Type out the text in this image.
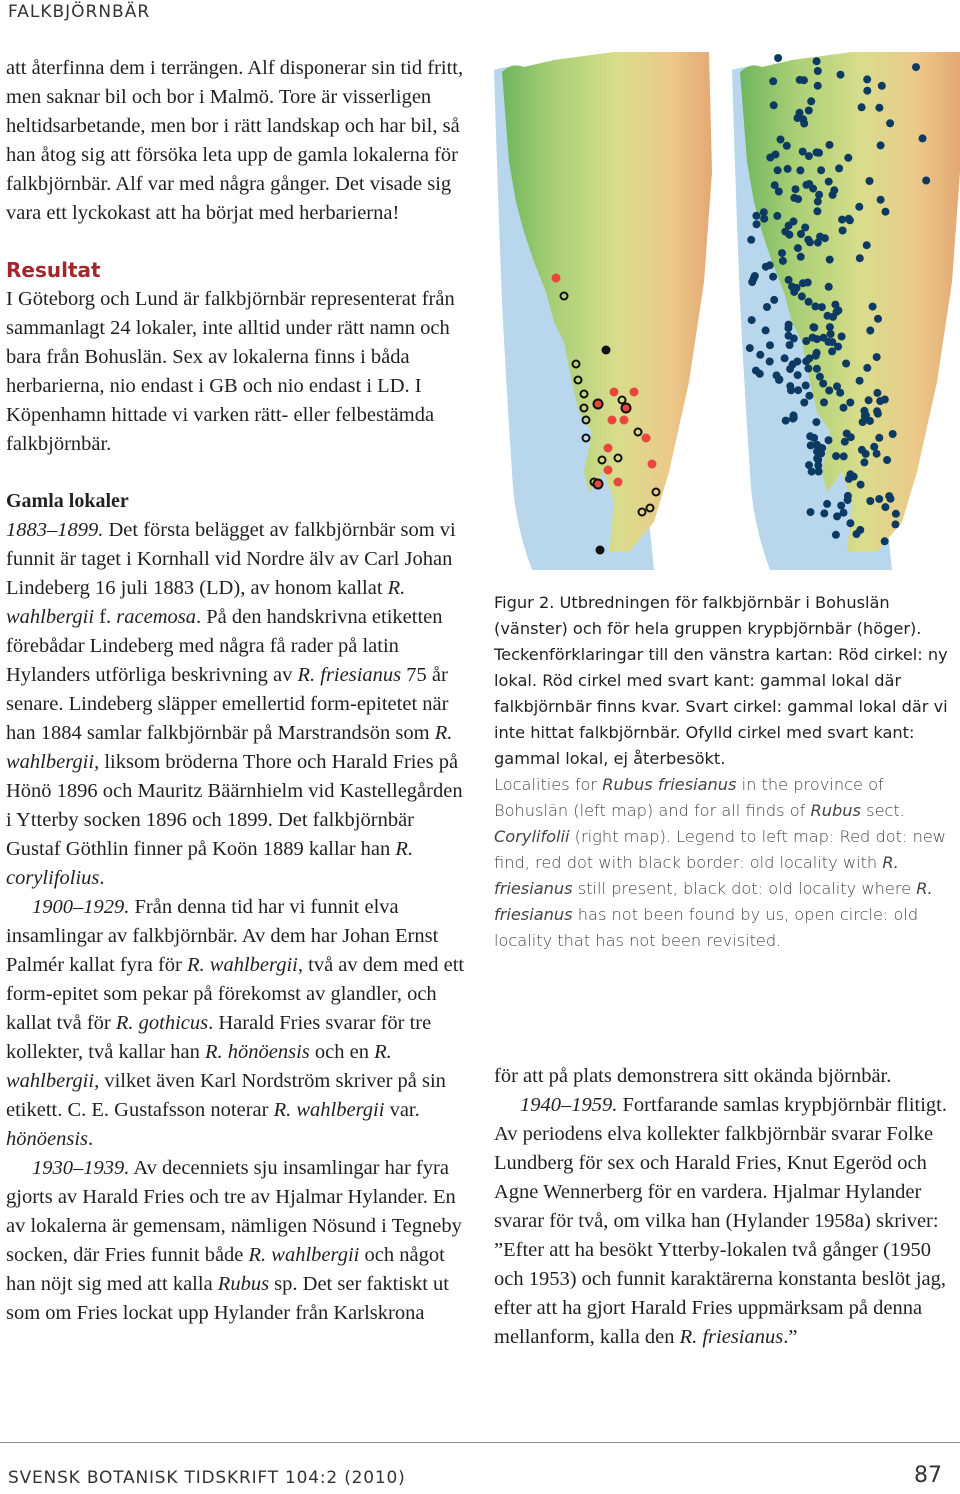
FALKBJÖRNBÄR

att återfinna dem i terrängen. Alf disponerar sin tid fritt, men saknar bil och bor i Malmö. Tore är visserligen heltidsarbetande, men bor i rätt landskap och har bil, så han åtog sig att försöka leta upp de gamla lokalerna för falkbjörnbär. Alf var med några gånger. Det visade sig vara ett lyckokast att ha börjat med herbarierna!

Resultat

I Göteborg och Lund är falkbjörnbär representerat från sammanlagt 24 lokaler, inte alltid under rätt namn och bara från Bohuslän. Sex av lokalerna finns i båda herbarierna, nio endast i GB och nio endast i LD. I Köpenhamn hittade vi varken rätt- eller felbestämda falkbjörnbär.

Gamla lokaler

1883–1899. Det första belägget av falkbjörnbär som vi funnit är taget i Kornhall vid Nordre älv av Carl Johan Lindeberg 16 juli 1883 (LD), av honom kallat R. wahlbergii f. racemosa. På den handskrivna etiketten förebådar Lindeberg med några få rader på latin Hylanders utförliga beskrivning av R. friesianus 75 år senare. Lindeberg släpper emellertid form-epitetet när han 1884 samlar falkbjörnbär på Marstrandsön som R. wahlbergii, liksom bröderna Thore och Harald Fries på Hönö 1896 och Mauritz Bäärnhielm vid Kastellegården i Ytterby socken 1896 och 1899. Det falkbjörnbär Gustaf Göthlin finner på Koön 1889 kallar han R. corylifolius.

1900–1929. Från denna tid har vi funnit elva insamlingar av falkbjörnbär. Av dem har Johan Ernst Palmér kallat fyra för R. wahlbergii, två av dem med ett form-epitet som pekar på förekomst av glandler, och kallat två för R. gothicus. Harald Fries svarar för tre kollekter, två kallar han R. hönöensis och en R. wahlbergii, vilket även Karl Nordström skriver på sin etikett. C. E. Gustafsson noterar R. wahlbergii var. hönöensis.

1930–1939. Av decenniets sju insamlingar har fyra gjorts av Harald Fries och tre av Hjalmar Hylander. En av lokalerna är gemensam, nämligen Nösund i Tegneby socken, där Fries funnit både R. wahlbergii och något han nöjt sig med att kalla Rubus sp. Det ser faktiskt ut som om Fries lockat upp Hylander från Karlskrona

Figur 2. Utbredningen för falkbjörnbär i Bohuslän (vänster) och för hela gruppen krypbjörnbär (höger). Teckenförklaringar till den vänstra kartan: Röd cirkel: ny lokal. Röd cirkel med svart kant: gammal lokal där falkbjörnbär finns kvar. Svart cirkel: gammal lokal där vi inte hittat falkbjörnbär. Ofylld cirkel med svart kant: gammal lokal, ej återbesökt.
Localities for Rubus friesianus in the province of Bohuslän (left map) and for all finds of Rubus sect. Corylifolii (right map). Legend to left map: Red dot: new find, red dot with black border: old locality with R. friesianus still present, black dot: old locality where R. friesianus has not been found by us, open circle: old locality that has not been revisited.

för att på plats demonstrera sitt okända björnbär.

1940–1959. Fortfarande samlas krypbjörnbär flitigt. Av periodens elva kollekter falkbjörnbär svarar Folke Lundberg för sex och Harald Fries, Knut Egeröd och Agne Wennerberg för en vardera. Hjalmar Hylander svarar för två, om vilka han (Hylander 1958a) skriver: ”Efter att ha besökt Ytterby-lokalen två gånger (1950 och 1953) och funnit karaktärerna konstanta beslöt jag, efter att ha gjort Harald Fries uppmärksam på denna mellanform, kalla den R. friesianus.”

SVENSK BOTANISK TIDSKRIFT 104:2 (2010)	87
